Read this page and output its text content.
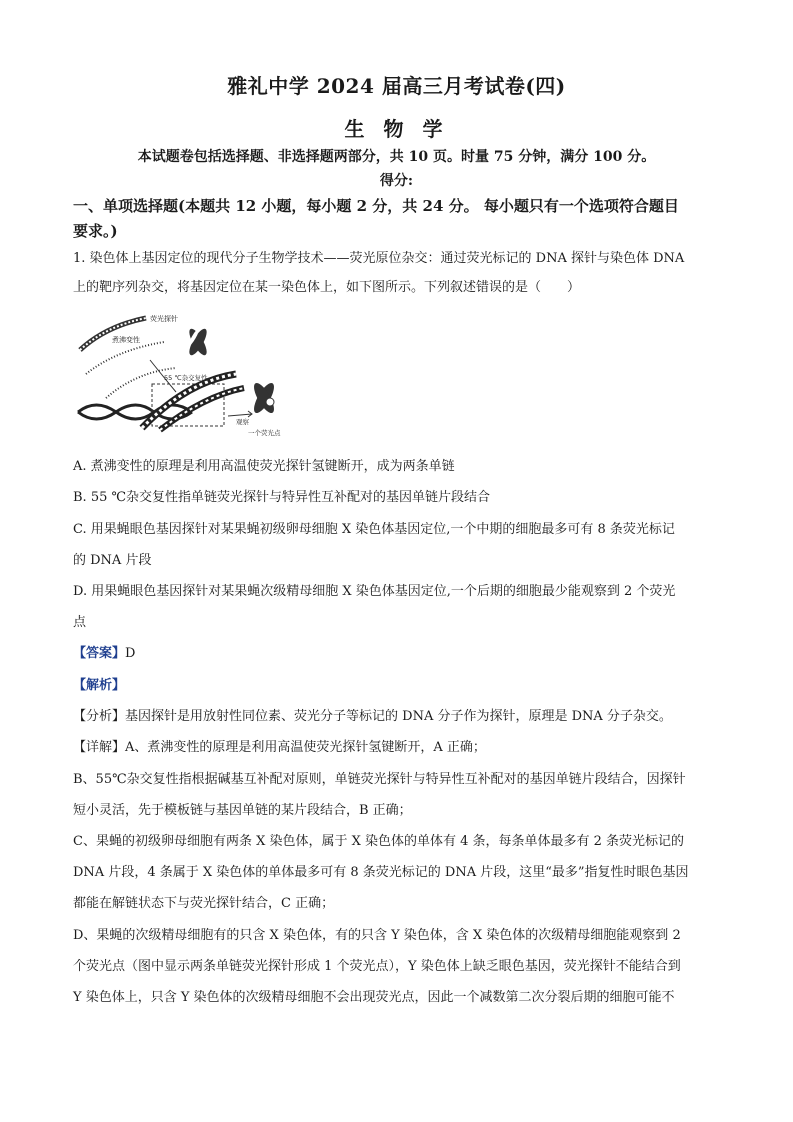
雅礼中学 2024 届高三月考试卷(四)
生 物 学
本试题卷包括选择题、非选择题两部分，共 10 页。时量 75 分钟，满分 100 分。
得分:
一、单项选择题(本题共 12 小题，每小题 2 分，共 24 分。 每小题只有一个选项符合题目
要求。)
1. 染色体上基因定位的现代分子生物学技术——荧光原位杂交：通过荧光标记的 DNA 探针与染色体 DNA
上的靶序列杂交，将基因定位在某一染色体上，如下图所示。下列叙述错误的是（　　）
荧光探针
煮沸变性
55 ℃杂交复性
观察
一个荧光点
A. 煮沸变性的原理是利用高温使荧光探针氢键断开，成为两条单链
B. 55 ℃杂交复性指单链荧光探针与特异性互补配对的基因单链片段结合
C. 用果蝇眼色基因探针对某果蝇初级卵母细胞 X 染色体基因定位,一个中期的细胞最多可有 8 条荧光标记
的 DNA 片段
D. 用果蝇眼色基因探针对某果蝇次级精母细胞 X 染色体基因定位,一个后期的细胞最少能观察到 2 个荧光
点
【答案】D
【解析】
【分析】基因探针是用放射性同位素、荧光分子等标记的 DNA 分子作为探针，原理是 DNA 分子杂交。
【详解】A、煮沸变性的原理是利用高温使荧光探针氢键断开，A 正确；
B、55℃杂交复性指根据碱基互补配对原则，单链荧光探针与特异性互补配对的基因单链片段结合，因探针
短小灵活，先于模板链与基因单链的某片段结合，B 正确；
C、果蝇的初级卵母细胞有两条 X 染色体，属于 X 染色体的单体有 4 条，每条单体最多有 2 条荧光标记的
DNA 片段，4 条属于 X 染色体的单体最多可有 8 条荧光标记的 DNA 片段，这里“最多”指复性时眼色基因
都能在解链状态下与荧光探针结合，C 正确；
D、果蝇的次级精母细胞有的只含 X 染色体，有的只含 Y 染色体，含 X 染色体的次级精母细胞能观察到 2
个荧光点（图中显示两条单链荧光探针形成 1 个荧光点），Y 染色体上缺乏眼色基因，荧光探针不能结合到
Y 染色体上，只含 Y 染色体的次级精母细胞不会出现荧光点，因此一个减数第二次分裂后期的细胞可能不
